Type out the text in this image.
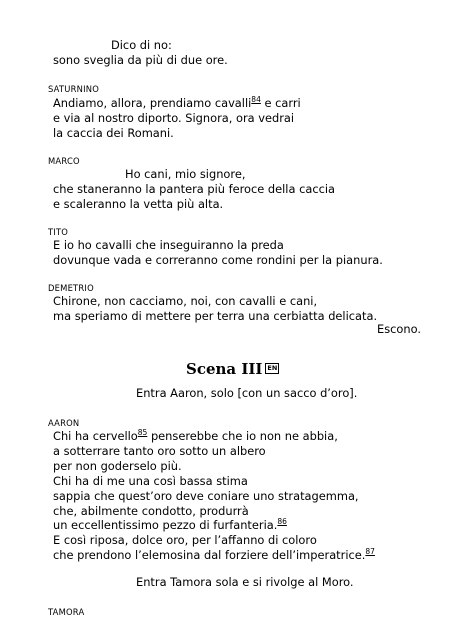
Dico di no:
sono sveglia da più di due ore.
SATURNINO
Andiamo, allora, prendiamo cavalli$^{84}$ e carri
e via al nostro diporto. Signora, ora vedrai
la caccia dei Romani.
MARCO
Ho cani, mio signore,
che staneranno la pantera più feroce della caccia
e scaleranno la vetta più alta.
TITO
E io ho cavalli che inseguiranno la preda
dovunque vada e correranno come rondini per la pianura.
DEMETRIO
Chirone, non cacciamo, noi, con cavalli e cani,
ma speriamo di mettere per terra una cerbiatta delicata.
Escono.
Scena III EN
Entra Aaron, solo [con un sacco d’oro].
AARON
Chi ha cervello$^{85}$ penserebbe che io non ne abbia,
a sotterrare tanto oro sotto un albero
per non goderselo più.
Chi ha di me una così bassa stima
sappia che quest’oro deve coniare uno stratagemma,
che, abilmente condotto, produrrà
un eccellentissimo pezzo di furfanteria.$^{86}$
E così riposa, dolce oro, per l’affanno di coloro
che prendono l’elemosina dal forziere dell’imperatrice.$^{87}$
Entra Tamora sola e si rivolge al Moro.
TAMORA
